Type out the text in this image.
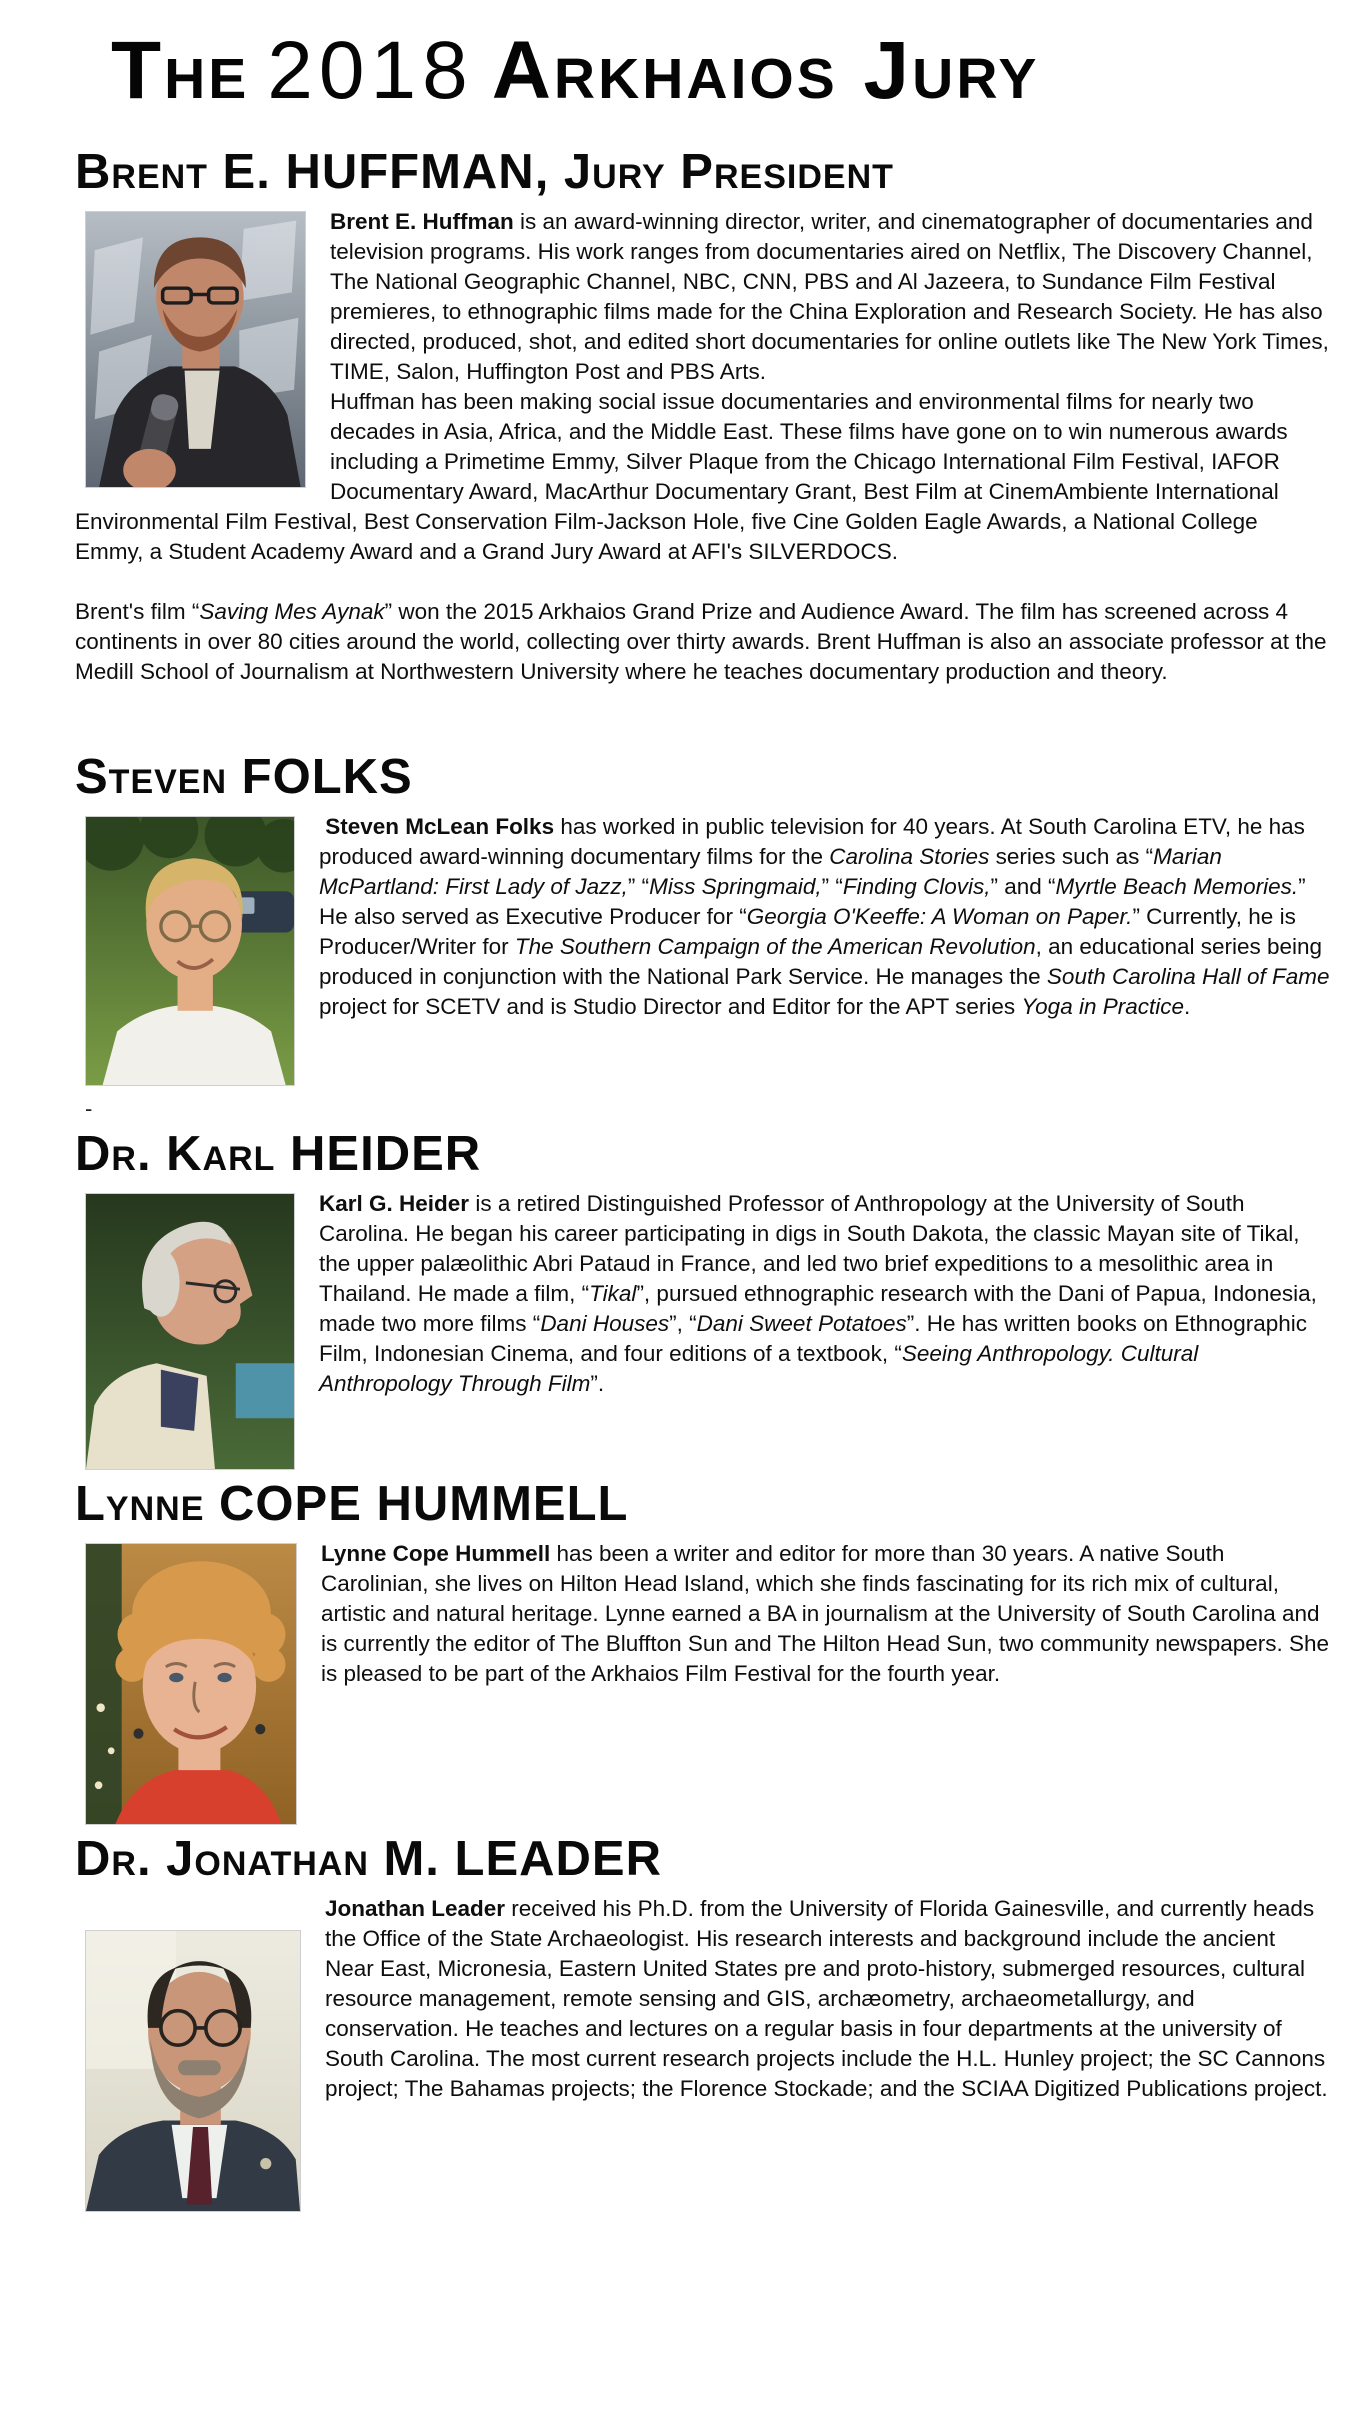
The 2018 Arkhaios Jury
Brent E. HUFFMAN, Jury President

Brent E. Huffman is an award-winning director, writer, and cinematographer of documentaries and television programs. His work ranges from documentaries aired on Netflix, The Discovery Channel, The National Geographic Channel, NBC, CNN, PBS and Al Jazeera, to Sundance Film Festival premieres, to ethnographic films made for the China Exploration and Research Society. He has also directed, produced, shot, and edited short documentaries for online outlets like The New York Times, TIME, Salon, Huffington Post and PBS Arts.
Huffman has been making social issue documentaries and environmental films for nearly two decades in Asia, Africa, and the Middle East. These films have gone on to win numerous awards including a Primetime Emmy, Silver Plaque from the Chicago International Film Festival, IAFOR Documentary Award, MacArthur Documentary Grant, Best Film at CinemAmbiente International Environmental Film Festival, Best Conservation Film-Jackson Hole, five Cine Golden Eagle Awards, a National College Emmy, a Student Academy Award and a Grand Jury Award at AFI's SILVERDOCS.

Brent's film “Saving Mes Aynak” won the 2015 Arkhaios Grand Prize and Audience Award. The film has screened across 4 continents in over 80 cities around the world, collecting over thirty awards. Brent Huffman is also an associate professor at the Medill School of Journalism at Northwestern University where he teaches documentary production and theory.

Steven FOLKS

Steven McLean Folks has worked in public television for 40 years. At South Carolina ETV, he has produced award-winning documentary films for the Carolina Stories series such as “Marian McPartland: First Lady of Jazz,” “Miss Springmaid,” “Finding Clovis,” and “Myrtle Beach Memories.” He also served as Executive Producer for “Georgia O'Keeffe: A Woman on Paper.” Currently, he is Producer/Writer for The Southern Campaign of the American Revolution, an educational series being produced in conjunction with the National Park Service. He manages the South Carolina Hall of Fame project for SCETV and is Studio Director and Editor for the APT series Yoga in Practice.

-
Dr. Karl HEIDER

Karl G. Heider is a retired Distinguished Professor of Anthropology at the University of South Carolina. He began his career participating in digs in South Dakota, the classic Mayan site of Tikal, the upper palæolithic Abri Pataud in France, and led two brief expeditions to a mesolithic area in Thailand. He made a film, “Tikal”, pursued ethnographic research with the Dani of Papua, Indonesia, made two more films “Dani Houses”, “Dani Sweet Potatoes”. He has written books on Ethnographic Film, Indonesian Cinema, and four editions of a textbook, “Seeing Anthropology. Cultural Anthropology Through Film”.

Lynne COPE HUMMELL

Lynne Cope Hummell has been a writer and editor for more than 30 years. A native South Carolinian, she lives on Hilton Head Island, which she finds fascinating for its rich mix of cultural, artistic and natural heritage. Lynne earned a BA in journalism at the University of South Carolina and is currently the editor of The Bluffton Sun and The Hilton Head Sun, two community newspapers. She is pleased to be part of the Arkhaios Film Festival for the fourth year.

Dr. Jonathan M. LEADER

Jonathan Leader received his Ph.D. from the University of Florida Gainesville, and currently heads the Office of the State Archaeologist. His research interests and background include the ancient Near East, Micronesia, Eastern United States pre and proto-history, submerged resources, cultural resource management, remote sensing and GIS, archæometry, archaeometallurgy, and conservation. He teaches and lectures on a regular basis in four departments at the university of South Carolina. The most current research projects include the H.L. Hunley project; the SC Cannons project; The Bahamas projects; the Florence Stockade; and the SCIAA Digitized Publications project.
